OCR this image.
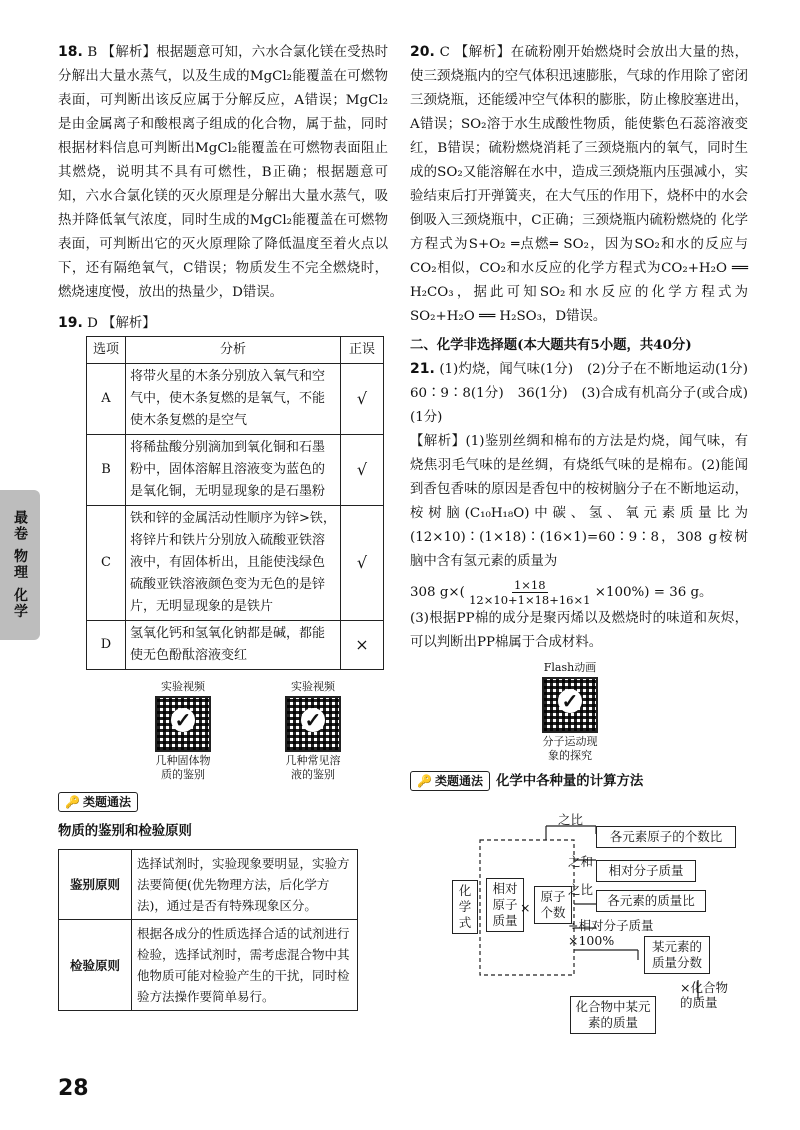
18. B 【解析】根据题意可知，六水合氯化镁在受热时分解出大量水蒸气，以及生成的MgCl₂能覆盖在可燃物表面，可判断出该反应属于分解反应，A错误；MgCl₂是由金属离子和酸根离子组成的化合物，属于盐，同时根据材料信息可判断出MgCl₂能覆盖在可燃物表面阻止其燃烧，说明其不具有可燃性，B正确；根据题意可知，六水合氯化镁的灭火原理是分解出大量水蒸气，吸热并降低氧气浓度，同时生成的MgCl₂能覆盖在可燃物表面，可判断出它的灭火原理除了降低温度至着火点以下，还有隔绝氧气，C错误；物质发生不完全燃烧时，燃烧速度慢，放出的热量少，D错误。
19. D 【解析】
选项	分析	正误
A	将带火星的木条分别放入氧气和空气中，使木条复燃的是氧气，不能使木条复燃的是空气	√
B	将稀盐酸分别滴加到氧化铜和石墨粉中，固体溶解且溶液变为蓝色的是氧化铜，无明显现象的是石墨粉	√
C	铁和锌的金属活动性顺序为锌>铁，将锌片和铁片分别放入硫酸亚铁溶液中，有固体析出，且能使浅绿色硫酸亚铁溶液颜色变为无色的是锌片，无明显现象的是铁片	√
D	氢氧化钙和氢氧化钠都是碱，都能使无色酚酞溶液变红	×
实验视频
✓
几种固体物质的鉴别
实验视频
✓
几种常见溶液的鉴别
🔑 类题通法
物质的鉴别和检验原则
鉴别原则	选择试剂时，实验现象要明显，实验方法要简便(优先物理方法，后化学方法)，通过是否有特殊现象区分。
检验原则	根据各成分的性质选择合适的试剂进行检验，选择试剂时，需考虑混合物中其他物质可能对检验产生的干扰，同时检验方法操作要简单易行。
20. C 【解析】在硫粉刚开始燃烧时会放出大量的热，使三颈烧瓶内的空气体积迅速膨胀，气球的作用除了密闭三颈烧瓶，还能缓冲空气体积的膨胀，防止橡胶塞进出，A错误；SO₂溶于水生成酸性物质，能使紫色石蕊溶液变红，B错误；硫粉燃烧消耗了三颈烧瓶内的氧气，同时生成的SO₂又能溶解在水中，造成三颈烧瓶内压强减小，实验结束后打开弹簧夹，在大气压的作用下，烧杯中的水会倒吸入三颈烧瓶中，C正确；三颈烧瓶内硫粉燃烧的 化学方程式为S+O₂ ═点燃═ SO₂，因为SO₂和水的反应与CO₂相似，CO₂和水反应的化学方程式为CO₂+H₂O ══ H₂CO₃，据此可知SO₂和水反应的化学方程式为SO₂+H₂O ══ H₂SO₃，D错误。
二、化学非选择题(本大题共有5小题，共40分)
21. (1)灼烧，闻气味(1分)　(2)分子在不断地运动(1分)　60∶9∶8(1分)　36(1分)　(3)合成有机高分子(或合成)(1分)
【解析】(1)鉴别丝绸和棉布的方法是灼烧，闻气味，有烧焦羽毛气味的是丝绸，有烧纸气味的是棉布。(2)能闻到香包香味的原因是香包中的桉树脑分子在不断地运动，桉树脑(C₁₀H₁₈O)中碳、氢、氧元素质量比为(12×10)∶(1×18)∶(16×1)=60∶9∶8，308 g桉树脑中含有氢元素的质量为
308 $g\times( \frac{1\times 18}{12\times 10+1\times 18+16\times 1} \times 100\%) = 36$ g。
(3)根据PP棉的成分是聚丙烯以及燃烧时的味道和灰烬，可以判断出PP棉属于合成材料。
Flash动画
✓
分子运动现象的探究
🔑 类题通法 化学中各种量的计算方法
化学式
相对原子质量
×
原子个数
之比
各元素原子的个数比
之和
相对分子质量
之比
各元素的质量比
÷相对分子质量×100%	某元素的质量分数
×化合物的质量
化合物中某元素的质量
最卷 物理 化学
28
